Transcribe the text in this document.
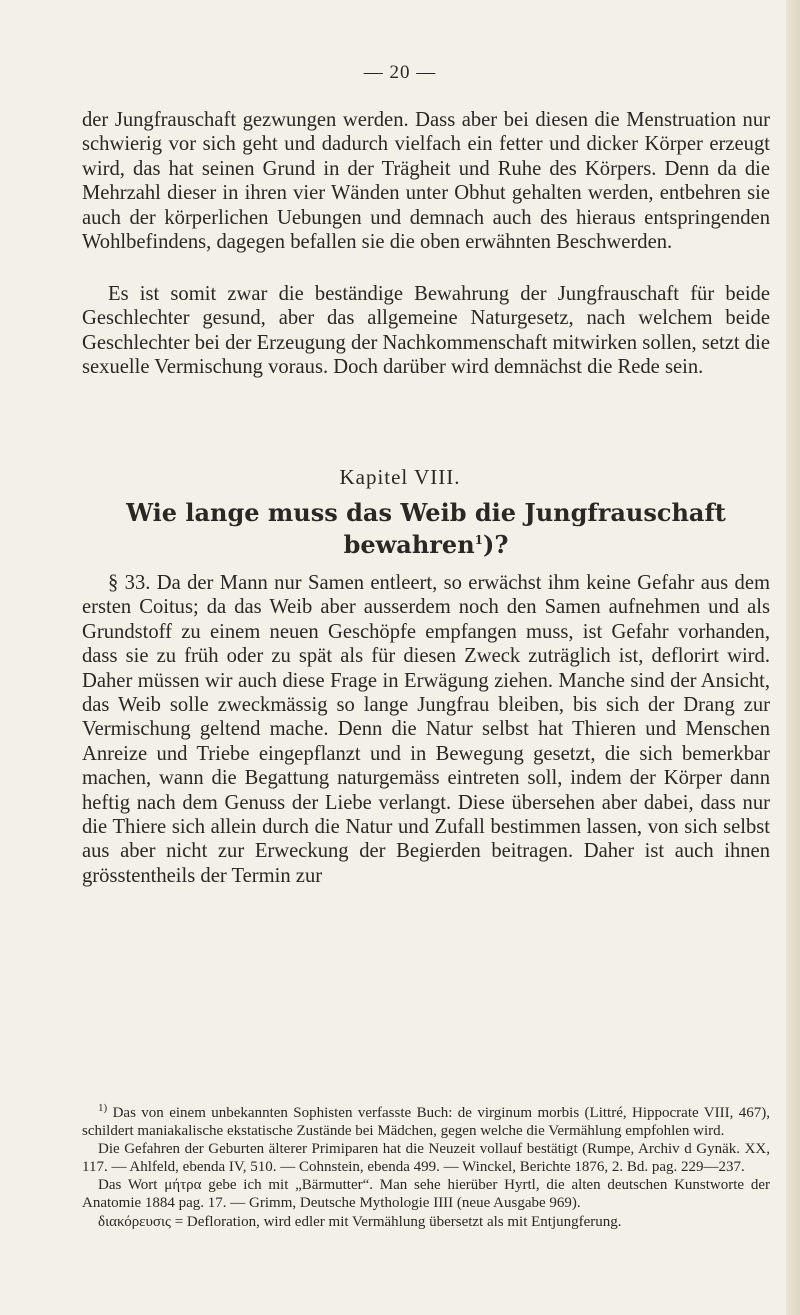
— 20 —

der Jungfrauschaft gezwungen werden. Dass aber bei diesen die Menstruation nur schwierig vor sich geht und dadurch vielfach ein fetter und dicker Körper erzeugt wird, das hat seinen Grund in der Trägheit und Ruhe des Körpers. Denn da die Mehrzahl dieser in ihren vier Wänden unter Obhut gehalten werden, entbehren sie auch der körperlichen Uebungen und demnach auch des hieraus entspringenden Wohlbefindens, dagegen befallen sie die oben erwähnten Beschwerden.

Es ist somit zwar die beständige Bewahrung der Jungfrauschaft für beide Geschlechter gesund, aber das allgemeine Naturgesetz, nach welchem beide Geschlechter bei der Erzeugung der Nachkommenschaft mitwirken sollen, setzt die sexuelle Vermischung voraus. Doch darüber wird demnächst die Rede sein.

Kapitel VIII.
Wie lange muss das Weib die Jungfrauschaft bewahren$^1$)?

§ 33. Da der Mann nur Samen entleert, so erwächst ihm keine Gefahr aus dem ersten Coitus; da das Weib aber ausserdem noch den Samen aufnehmen und als Grundstoff zu einem neuen Geschöpfe empfangen muss, ist Gefahr vorhanden, dass sie zu früh oder zu spät als für diesen Zweck zuträglich ist, deflorirt wird. Daher müssen wir auch diese Frage in Erwägung ziehen. Manche sind der Ansicht, das Weib solle zweckmässig so lange Jungfrau bleiben, bis sich der Drang zur Vermischung geltend mache. Denn die Natur selbst hat Thieren und Menschen Anreize und Triebe eingepflanzt und in Bewegung gesetzt, die sich bemerkbar machen, wann die Begattung naturgemäss eintreten soll, indem der Körper dann heftig nach dem Genuss der Liebe verlangt. Diese übersehen aber dabei, dass nur die Thiere sich allein durch die Natur und Zufall bestimmen lassen, von sich selbst aus aber nicht zur Erweckung der Begierden beitragen. Daher ist auch ihnen grösstentheils der Termin zur

$^{1)}$ Das von einem unbekannten Sophisten verfasste Buch: de virginum morbis (Littré, Hippocrate VIII, 467), schildert maniakalische ekstatische Zustände bei Mädchen, gegen welche die Vermählung empfohlen wird.

Die Gefahren der Geburten älterer Primiparen hat die Neuzeit vollauf bestätigt (Rumpe, Archiv d Gynäk. XX, 117. — Ahlfeld, ebenda IV, 510. — Cohnstein, ebenda 499. — Winckel, Berichte 1876, 2. Bd. pag. 229—237.

Das Wort μήτρα gebe ich mit „Bärmutter“. Man sehe hierüber Hyrtl, die alten deutschen Kunstworte der Anatomie 1884 pag. 17. — Grimm, Deutsche Mythologie IIII (neue Ausgabe 969).

διακόρευσις = Defloration, wird edler mit Vermählung übersetzt als mit Entjungferung.
